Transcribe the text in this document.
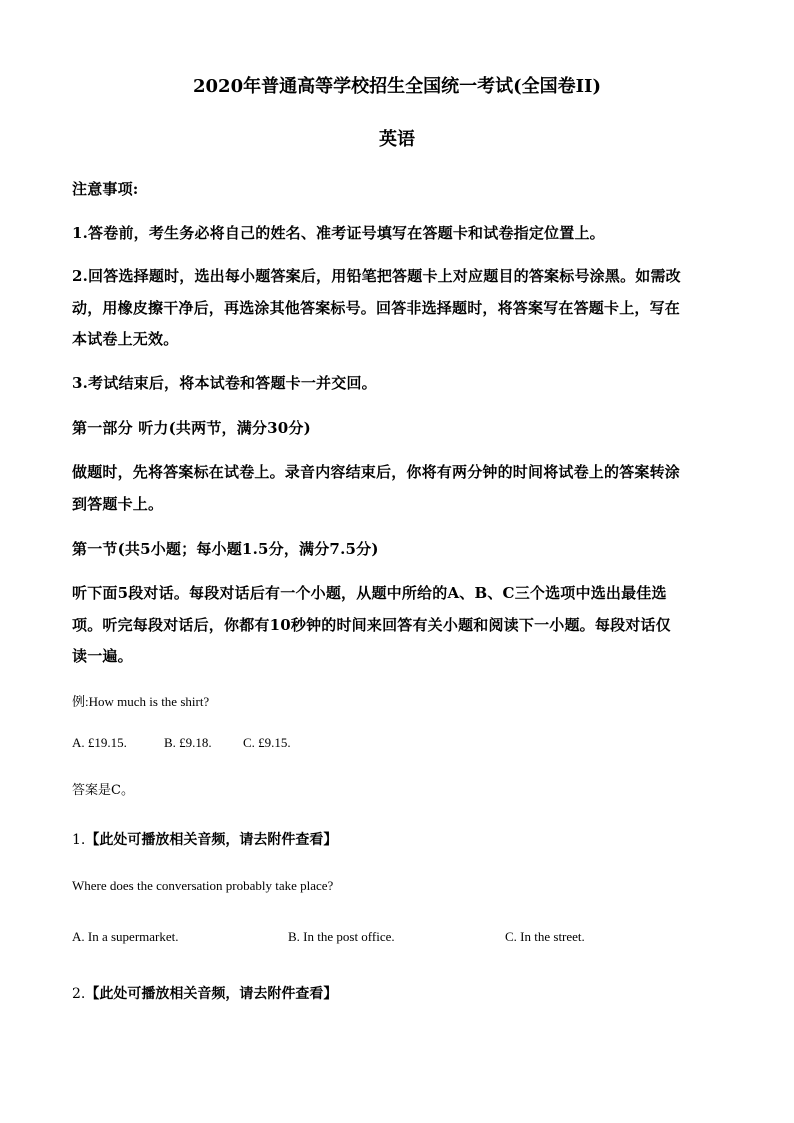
2020年普通高等学校招生全国统一考试(全国卷II)
英语
注意事项:
1.答卷前，考生务必将自己的姓名、准考证号填写在答题卡和试卷指定位置上。
2.回答选择题时，选出每小题答案后，用铅笔把答题卡上对应题目的答案标号涂黑。如需改
动，用橡皮擦干净后，再选涂其他答案标号。回答非选择题时，将答案写在答题卡上，写在
本试卷上无效。
3.考试结束后，将本试卷和答题卡一并交回。
第一部分 听力(共两节，满分30分)
做题时，先将答案标在试卷上。录音内容结束后，你将有两分钟的时间将试卷上的答案转涂
到答题卡上。
第一节(共5小题；每小题1.5分，满分7.5分)
听下面5段对话。每段对话后有一个小题，从题中所给的A、B、C三个选项中选出最佳选
项。听完每段对话后，你都有10秒钟的时间来回答有关小题和阅读下一小题。每段对话仅
读一遍。
例:How much is the shirt?
A. £19.15.	B. £9.18. C. £9.15.
答案是C。
1.【此处可播放相关音频，请去附件查看】
Where does the conversation probably take place?
A. In a supermarket.	B. In the post office.	C. In the street.
2.【此处可播放相关音频，请去附件查看】
